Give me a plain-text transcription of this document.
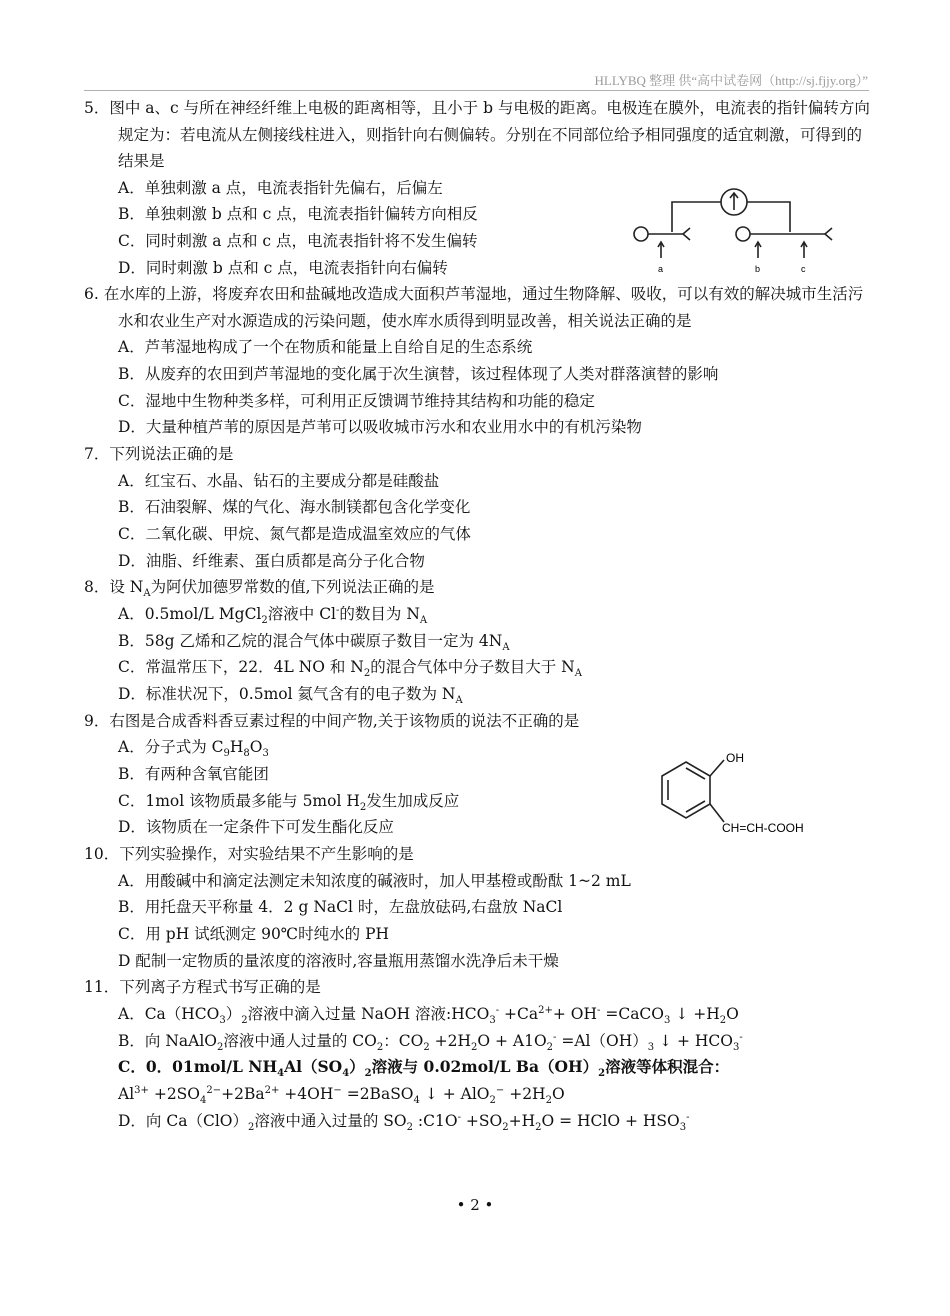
HLLYBQ 整理 供“高中试卷网（http://sj.fjjy.org）”
5．图中 a、c 与所在神经纤维上电极的距离相等，且小于 b 与电极的距离。电极连在膜外，电流表的指针偏转方向规定为：若电流从左侧接线柱进入，则指针向右侧偏转。分别在不同部位给予相同强度的适宜刺激，可得到的结果是
A．单独刺激 a 点，电流表指针先偏右，后偏左
B．单独刺激 b 点和 c 点，电流表指针偏转方向相反
C．同时刺激 a 点和 c 点，电流表指针将不发生偏转
D．同时刺激 b 点和 c 点，电流表指针向右偏转
6. 在水库的上游，将废弃农田和盐碱地改造成大面积芦苇湿地，通过生物降解、吸收，可以有效的解决城市生活污水和农业生产对水源造成的污染问题，使水库水质得到明显改善，相关说法正确的是
A．芦苇湿地构成了一个在物质和能量上自给自足的生态系统
B．从废弃的农田到芦苇湿地的变化属于次生演替，该过程体现了人类对群落演替的影响
C．湿地中生物种类多样，可利用正反馈调节维持其结构和功能的稳定
D．大量种植芦苇的原因是芦苇可以吸收城市污水和农业用水中的有机污染物
7．下列说法正确的是
A．红宝石、水晶、钻石的主要成分都是硅酸盐
B．石油裂解、煤的气化、海水制镁都包含化学变化
C．二氧化碳、甲烷、氮气都是造成温室效应的气体
D．油脂、纤维素、蛋白质都是高分子化合物
8．设 $N_A$为阿伏加德罗常数的值,下列说法正确的是
A．0.5mol/L MgCl$_2$溶液中 Cl-的数目为 $N_A$
B．58g 乙烯和乙烷的混合气体中碳原子数目一定为 $4N_A$
C．常温常压下，22．4L NO 和 $N_2$的混合气体中分子数目大于 $N_A$
D．标准状况下，0.5mol 氦气含有的电子数为 $N_A$
9．右图是合成香料香豆素过程的中间产物,关于该物质的说法不正确的是
A．分子式为 $C_9H_8O_3$
B．有两种含氧官能团
C．1mol 该物质最多能与 5mol $H_2$发生加成反应
D．该物质在一定条件下可发生酯化反应
10．下列实验操作，对实验结果不产生影响的是
A．用酸碱中和滴定法测定未知浓度的碱液时，加人甲基橙或酚酞 1~2 mL
B．用托盘天平称量 4．2 g NaCl 时，左盘放砝码,右盘放 NaCl
C．用 pH 试纸测定 90℃时纯水的 PH
D 配制一定物质的量浓度的溶液时,容量瓶用蒸馏水洗净后未干燥
11．下列离子方程式书写正确的是
A．$Ca(HCO_3)_2$溶液中滴入过量 NaOH 溶液$:HCO_3^- +Ca^{2+}+ OH^-$ =CaCO$_3$ ↓ $+H_2O$
B．向 NaAlO$_2$溶液中通人过量的 $CO_2$：$CO_2 +2H_2O + A1O_2^- =Al(OH)_3$ ↓ + $HCO_3^-$
C．0．01mol/L $NH_4Al(SO_4)_2$溶液与 0.02mol/L $Ba(OH)_2$溶液等体积混合：
$Al^{3+} +2SO_4^{2-}+2Ba^{2+} +4OH^-$ =2BaSO$_4$ ↓ + $AlO_2^- +2H_2O$
D．向 $Ca(ClO)_2$溶液中通入过量的 $SO_2$ :C1O- $+SO_2+H_2O$ = HClO + $HSO_3^-$
a	b	c
OH
CH=CH-COOH
• 2 •
